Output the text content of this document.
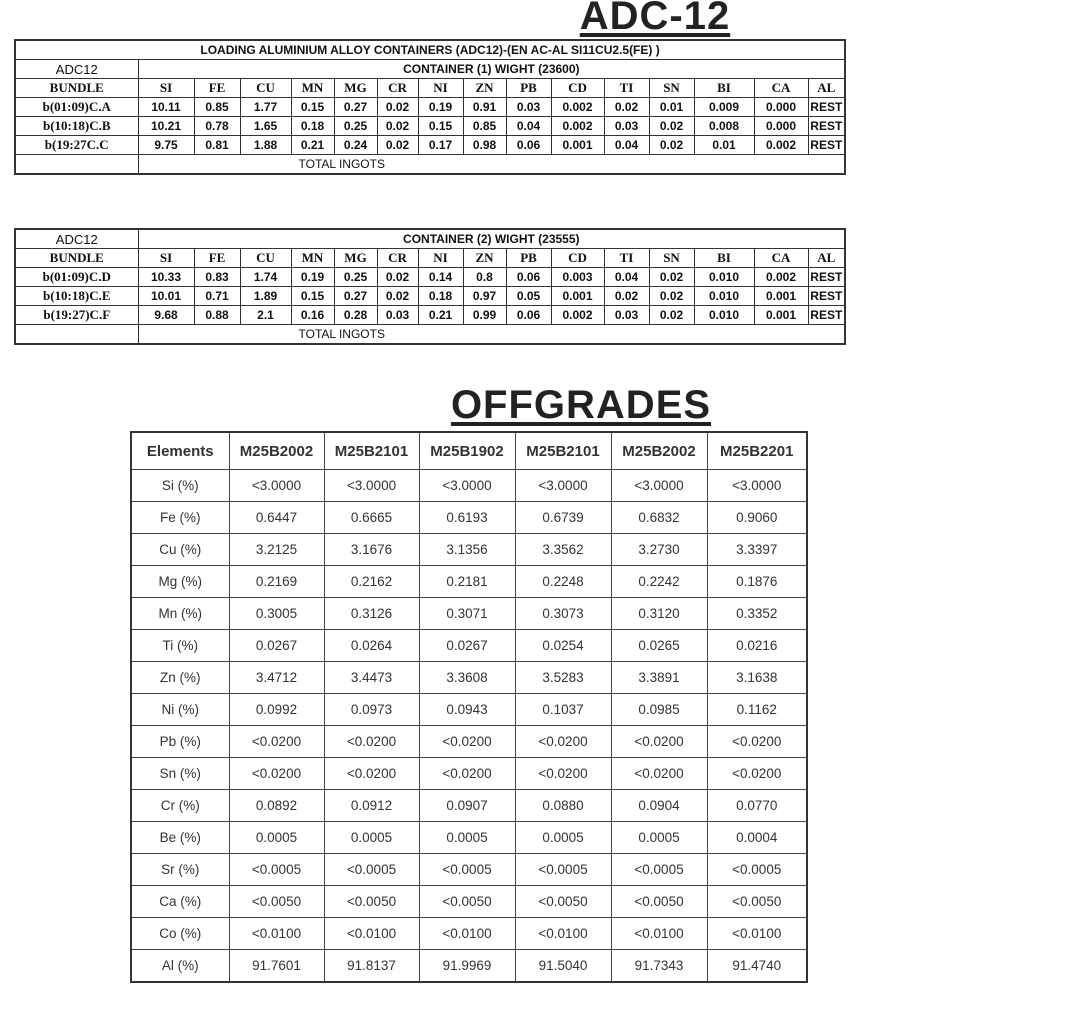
ADC-12
LOADING ALUMINIUM ALLOY CONTAINERS (ADC12)-(EN AC-AL SI11CU2.5(FE) )															
ADC12	CONTAINER (1) WIGHT (23600)														
BUNDLE	SI	FE	CU	MN	MG	CR	NI	ZN	PB	CD	TI	SN	BI	CA	AL
b(01:09)C.A	10.11	0.85	1.77	0.15	0.27	0.02	0.19	0.91	0.03	0.002	0.02	0.01	0.009	0.000	REST
b(10:18)C.B	10.21	0.78	1.65	0.18	0.25	0.02	0.15	0.85	0.04	0.002	0.03	0.02	0.008	0.000	REST
b(19:27C.C	9.75	0.81	1.88	0.21	0.24	0.02	0.17	0.98	0.06	0.001	0.04	0.02	0.01	0.002	REST
	TOTAL INGOTS														
ADC12	CONTAINER (2) WIGHT (23555)														
BUNDLE	SI	FE	CU	MN	MG	CR	NI	ZN	PB	CD	TI	SN	BI	CA	AL
b(01:09)C.D	10.33	0.83	1.74	0.19	0.25	0.02	0.14	0.8	0.06	0.003	0.04	0.02	0.010	0.002	REST
b(10:18)C.E	10.01	0.71	1.89	0.15	0.27	0.02	0.18	0.97	0.05	0.001	0.02	0.02	0.010	0.001	REST
b(19:27)C.F	9.68	0.88	2.1	0.16	0.28	0.03	0.21	0.99	0.06	0.002	0.03	0.02	0.010	0.001	REST
	TOTAL INGOTS														
OFFGRADES
Elements	M25B2002	M25B2101	M25B1902	M25B2101	M25B2002	M25B2201
Si (%)	<3.0000	<3.0000	<3.0000	<3.0000	<3.0000	<3.0000
Fe (%)	0.6447	0.6665	0.6193	0.6739	0.6832	0.9060
Cu (%)	3.2125	3.1676	3.1356	3.3562	3.2730	3.3397
Mg (%)	0.2169	0.2162	0.2181	0.2248	0.2242	0.1876
Mn (%)	0.3005	0.3126	0.3071	0.3073	0.3120	0.3352
Ti (%)	0.0267	0.0264	0.0267	0.0254	0.0265	0.0216
Zn (%)	3.4712	3.4473	3.3608	3.5283	3.3891	3.1638
Ni (%)	0.0992	0.0973	0.0943	0.1037	0.0985	0.1162
Pb (%)	<0.0200	<0.0200	<0.0200	<0.0200	<0.0200	<0.0200
Sn (%)	<0.0200	<0.0200	<0.0200	<0.0200	<0.0200	<0.0200
Cr (%)	0.0892	0.0912	0.0907	0.0880	0.0904	0.0770
Be (%)	0.0005	0.0005	0.0005	0.0005	0.0005	0.0004
Sr (%)	<0.0005	<0.0005	<0.0005	<0.0005	<0.0005	<0.0005
Ca (%)	<0.0050	<0.0050	<0.0050	<0.0050	<0.0050	<0.0050
Co (%)	<0.0100	<0.0100	<0.0100	<0.0100	<0.0100	<0.0100
Al (%)	91.7601	91.8137	91.9969	91.5040	91.7343	91.4740
